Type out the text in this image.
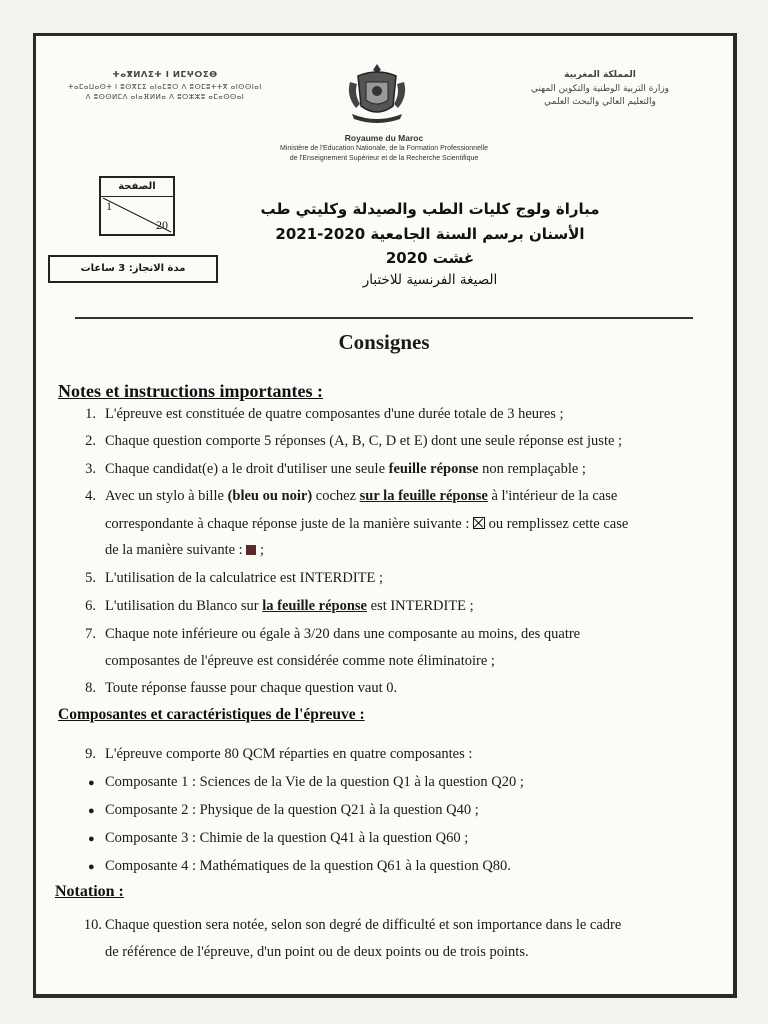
ⵜⴰⴳⵍⴷⵉⵜ ⵏ ⵍⵎⵖⵔⵉⴱ
ⵜⴰⵎⴰⵡⴰⵙⵜ ⵏ ⵓⵙⴳⵎⵉ ⴰⵏⴰⵎⵓⵔ ⴷ ⵓⵙⵎⵓⵜⵜⴳ ⴰⵏⵙⵙⵏⴰⵏ
ⴷ ⵓⵙⵙⵍⵎⴷ ⴰⵏⴰⴼⵍⵍⴰ ⴷ ⵓⵔⵣⵣⵓ ⴰⵎⴰⵙⵙⴰⵏ
المملكة المغربية
وزارة التربية الوطنية والتكوين المهني
والتعليم العالي والبحث العلمي
Royaume du Maroc
Ministère de l'Education Nationale, de la Formation Professionnelle
de l'Enseignement Supérieur et de la Recherche Scientifique
الصفحة
1
20
مدة الانجاز: 3 ساعات
مباراة ولوج كليات الطب والصيدلة وكليتي طب
الأسنان برسم السنة الجامعية 2020-2021
غشت 2020
الصيغة الفرنسية للاختبار
Consignes
Notes et instructions importantes :
1. L'épreuve est constituée de quatre composantes d'une durée totale de 3 heures ;
2. Chaque question comporte 5 réponses (A, B, C, D et E) dont une seule réponse est juste ;
3. Chaque candidat(e) a le droit d'utiliser une seule feuille réponse non remplaçable ;
4. Avec un stylo à bille (bleu ou noir) cochez sur la feuille réponse à l'intérieur de la case
correspondante à chaque réponse juste de la manière suivante : ou remplissez cette case
de la manière suivante : ;
5. L'utilisation de la calculatrice est INTERDITE ;
6. L'utilisation du Blanco sur la feuille réponse est INTERDITE ;
7. Chaque note inférieure ou égale à 3/20 dans une composante au moins, des quatre
composantes de l'épreuve est considérée comme note éliminatoire ;
8. Toute réponse fausse pour chaque question vaut 0.
Composantes et caractéristiques de l'épreuve :
9. L'épreuve comporte 80 QCM réparties en quatre composantes :
● Composante 1 : Sciences de la Vie de la question Q1 à la question Q20 ;
● Composante 2 : Physique de la question Q21 à la question Q40 ;
● Composante 3 : Chimie de la question Q41 à la question Q60 ;
● Composante 4 : Mathématiques de la question Q61 à la question Q80.
Notation :
10. Chaque question sera notée, selon son degré de difficulté et son importance dans le cadre
de référence de l'épreuve, d'un point ou de deux points ou de trois points.
